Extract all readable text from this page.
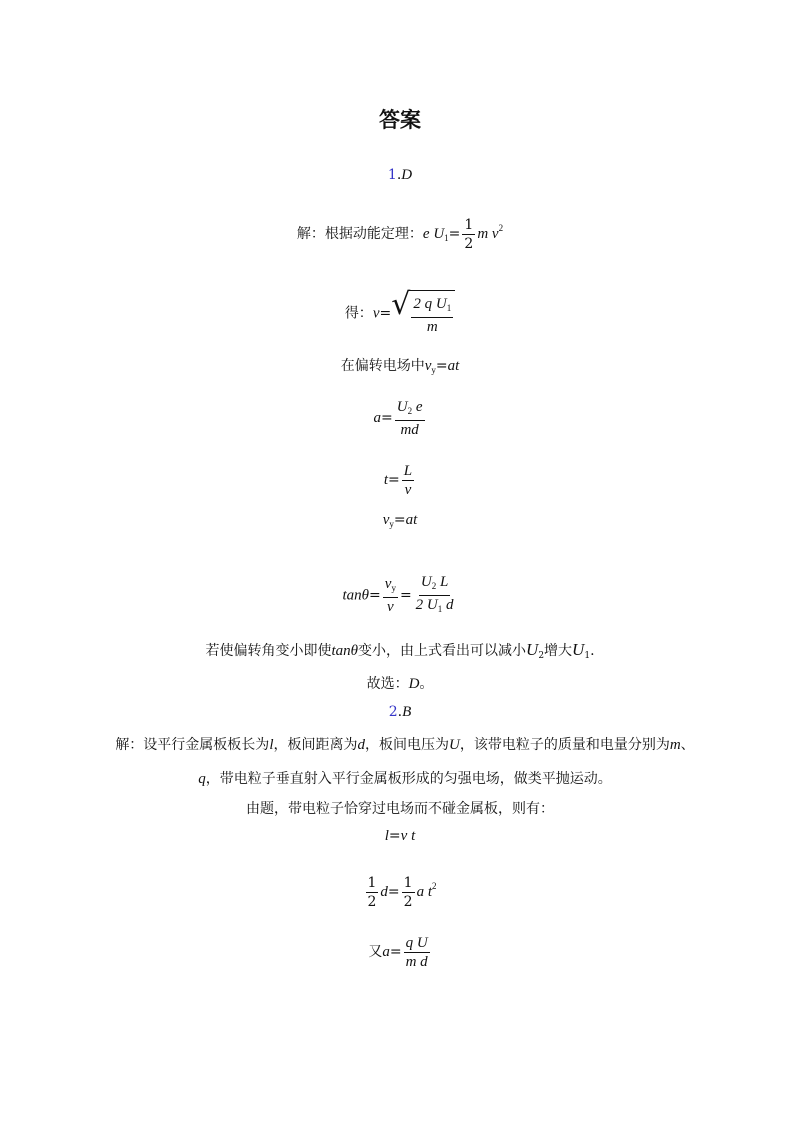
答案
1.D
解：根据动能定理：e $U_1= \frac{1}{2}$ m $v^2$
得：v= √ $\frac{2 q U_1}{m}$
在偏转电场中$v_y=at$
$a= \frac{U_2 e}{md}$
$t= \frac{L}{v}$
$v_y=at$
$\tan\theta= \frac{v_y}{v} = \frac{U_2 L}{2 U_1 d}$
若使偏转角变小即使tanθ变小，由上式看出可以减小$U_2$增大$U_1$.
故选：D。
2.B
解：设平行金属板板长为l，板间距离为d，板间电压为U，该带电粒子的质量和电量分别为m、
q，带电粒子垂直射入平行金属板形成的匀强电场，做类平抛运动。
由题，带电粒子恰穿过电场而不碰金属板，则有：
l=v t
$\frac{1}{2} d= \frac{1}{2}$ a $t^2$
又$a= \frac{\text{q U}}{\text{m d}}$
